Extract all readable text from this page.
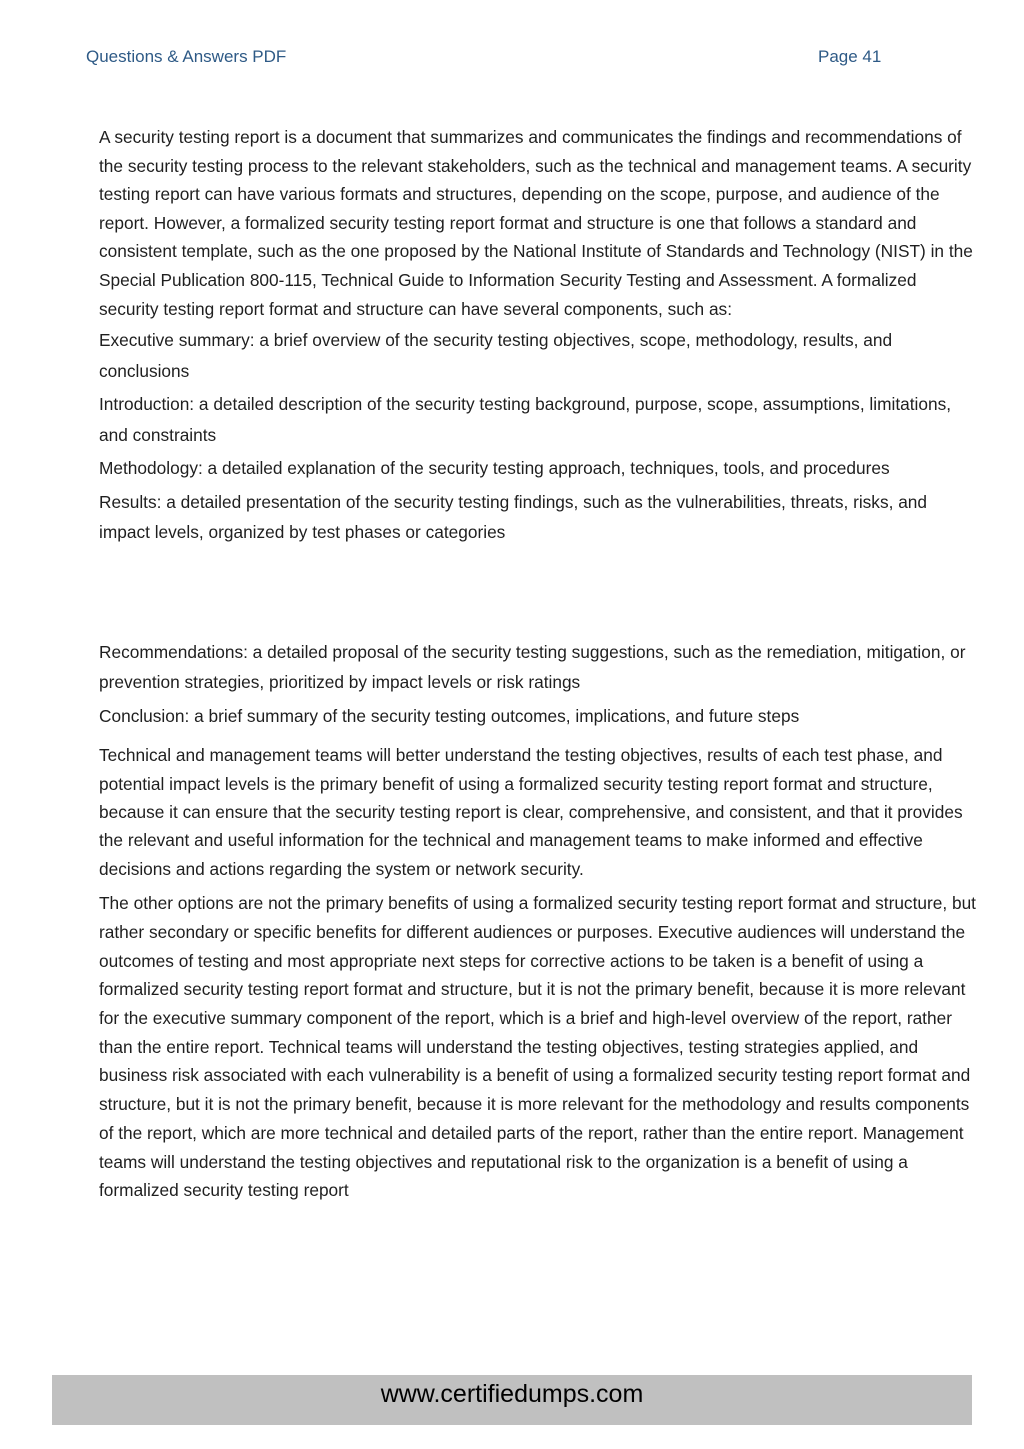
Questions & Answers PDF	Page 41

A security testing report is a document that summarizes and communicates the findings and recommendations of the security testing process to the relevant stakeholders, such as the technical and management teams. A security testing report can have various formats and structures, depending on the scope, purpose, and audience of the report. However, a formalized security testing report format and structure is one that follows a standard and consistent template, such as the one proposed by the National Institute of Standards and Technology (NIST) in the Special Publication 800-115, Technical Guide to Information Security Testing and Assessment. A formalized security testing report format and structure can have several components, such as:

Executive summary: a brief overview of the security testing objectives, scope, methodology, results, and conclusions

Introduction: a detailed description of the security testing background, purpose, scope, assumptions, limitations, and constraints

Methodology: a detailed explanation of the security testing approach, techniques, tools, and procedures

Results: a detailed presentation of the security testing findings, such as the vulnerabilities, threats, risks, and impact levels, organized by test phases or categories

Recommendations: a detailed proposal of the security testing suggestions, such as the remediation, mitigation, or prevention strategies, prioritized by impact levels or risk ratings

Conclusion: a brief summary of the security testing outcomes, implications, and future steps

Technical and management teams will better understand the testing objectives, results of each test phase, and potential impact levels is the primary benefit of using a formalized security testing report format and structure, because it can ensure that the security testing report is clear, comprehensive, and consistent, and that it provides the relevant and useful information for the technical and management teams to make informed and effective decisions and actions regarding the system or network security.

The other options are not the primary benefits of using a formalized security testing report format and structure, but rather secondary or specific benefits for different audiences or purposes. Executive audiences will understand the outcomes of testing and most appropriate next steps for corrective actions to be taken is a benefit of using a formalized security testing report format and structure, but it is not the primary benefit, because it is more relevant for the executive summary component of the report, which is a brief and high-level overview of the report, rather than the entire report. Technical teams will understand the testing objectives, testing strategies applied, and business risk associated with each vulnerability is a benefit of using a formalized security testing report format and structure, but it is not the primary benefit, because it is more relevant for the methodology and results components of the report, which are more technical and detailed parts of the report, rather than the entire report. Management teams will understand the testing objectives and reputational risk to the organization is a benefit of using a formalized security testing report

www.certifiedumps.com
